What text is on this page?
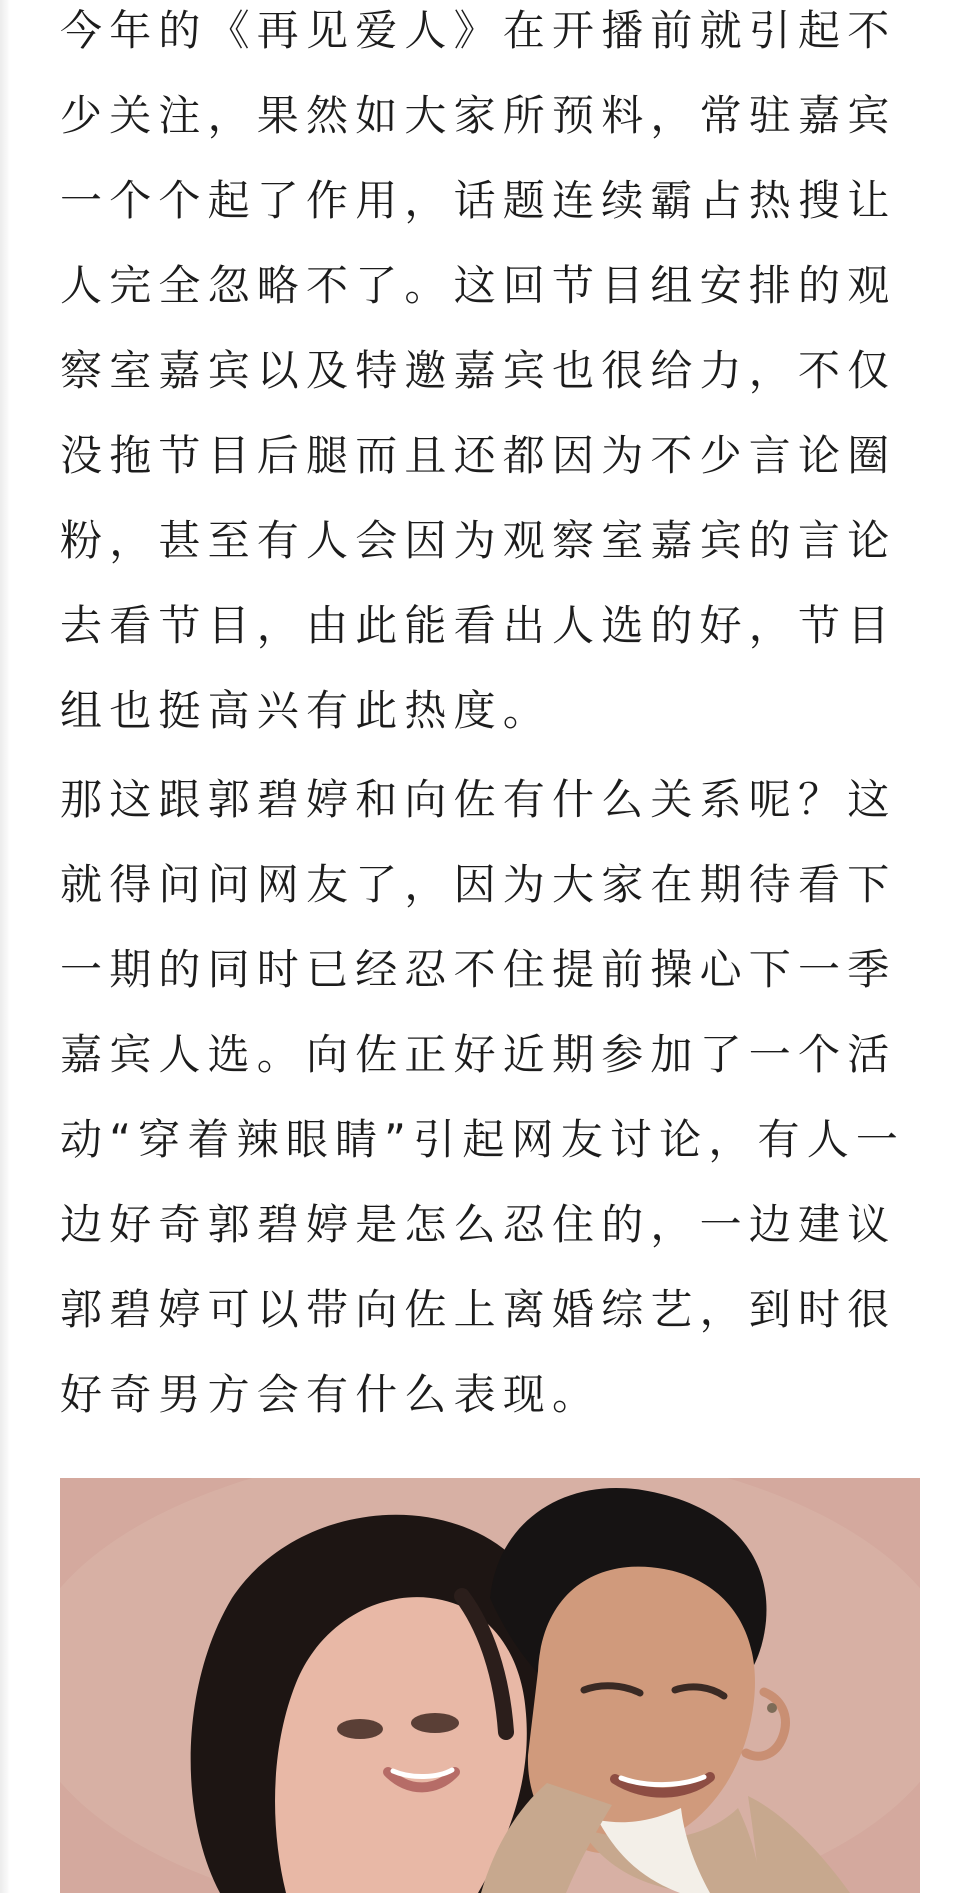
今年的《再见爱人》在开播前就引起不少关注，果然如大家所预料，常驻嘉宾一个个起了作用，话题连续霸占热搜让人完全忽略不了。这回节目组安排的观察室嘉宾以及特邀嘉宾也很给力，不仅没拖节目后腿而且还都因为不少言论圈粉，甚至有人会因为观察室嘉宾的言论去看节目，由此能看出人选的好，节目组也挺高兴有此热度。

那这跟郭碧婷和向佐有什么关系呢？这就得问问网友了，因为大家在期待看下一期的同时已经忍不住提前操心下一季嘉宾人选。向佐正好近期参加了一个活动“穿着辣眼睛”引起网友讨论，有人一边好奇郭碧婷是怎么忍住的，一边建议郭碧婷可以带向佐上离婚综艺，到时很好奇男方会有什么表现。
